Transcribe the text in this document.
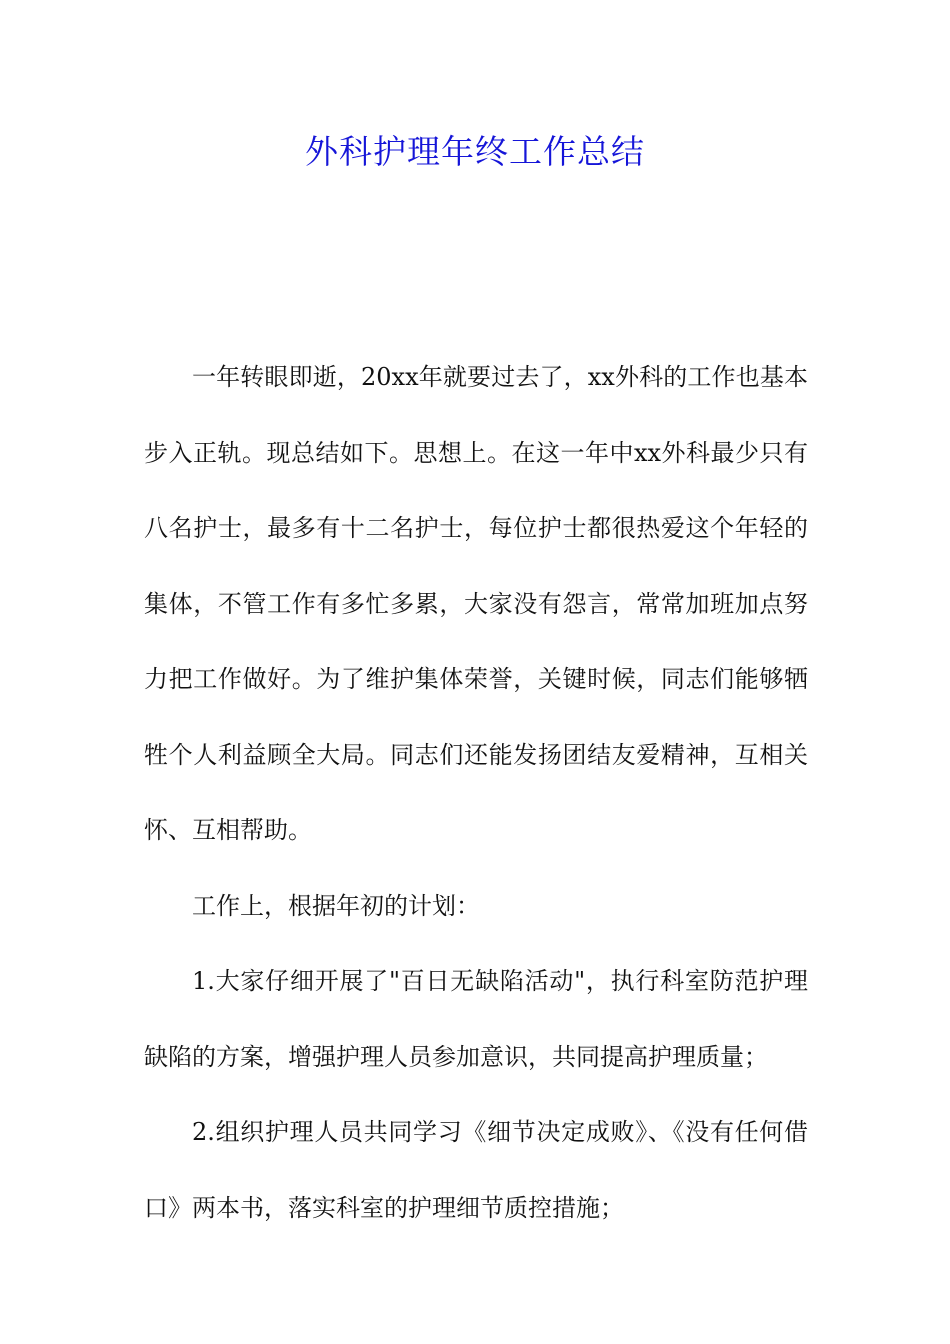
外科护理年终工作总结

一年转眼即逝，20xx年就要过去了，xx外科的工作也基本步入正轨。现总结如下。思想上。在这一年中xx外科最少只有八名护士，最多有十二名护士，每位护士都很热爱这个年轻的集体，不管工作有多忙多累，大家没有怨言，常常加班加点努力把工作做好。为了维护集体荣誉，关键时候，同志们能够牺牲个人利益顾全大局。同志们还能发扬团结友爱精神，互相关怀、互相帮助。

工作上，根据年初的计划：

1.大家仔细开展了"百日无缺陷活动"，执行科室防范护理缺陷的方案，增强护理人员参加意识，共同提高护理质量；

2.组织护理人员共同学习《细节决定成败》、《没有任何借口》两本书，落实科室的护理细节质控措施；
